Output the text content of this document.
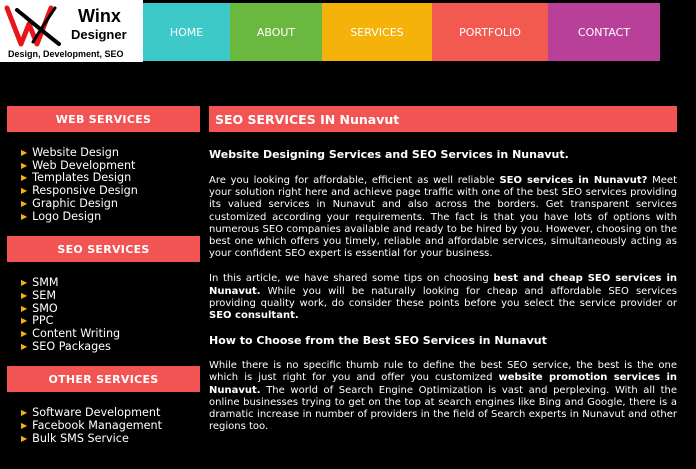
Winx
Designer
Design, Development, SEO
HOME	ABOUT	SERVICES	PORTFOLIO	CONTACT
WEB SERVICES
▶ Website Design
▶ Web Development
▶ Templates Design
▶ Responsive Design
▶ Graphic Design
▶ Logo Design
SEO SERVICES
▶ SMM
▶ SEM
▶ SMO
▶ PPC
▶ Content Writing
▶ SEO Packages
OTHER SERVICES
▶ Software Development
▶ Facebook Management
▶ Bulk SMS Service
SEO SERVICES IN Nunavut
Website Designing Services and SEO Services in Nunavut.

Are you looking for affordable, efficient as well reliable SEO services in Nunavut? Meet your solution right here and achieve page traffic with one of the best SEO services providing its valued services in Nunavut and also across the borders. Get transparent services customized according your requirements. The fact is that you have lots of options with numerous SEO companies available and ready to be hired by you. However, choosing on the best one which offers you timely, reliable and affordable services, simultaneously acting as your confident SEO expert is essential for your business.

In this article, we have shared some tips on choosing best and cheap SEO services in Nunavut. While you will be naturally looking for cheap and affordable SEO services providing quality work, do consider these points before you select the service provider or SEO consultant.

How to Choose from the Best SEO Services in Nunavut

While there is no specific thumb rule to define the best SEO service, the best is the one which is just right for you and offer you customized website promotion services in Nunavut. The world of Search Engine Optimization is vast and perplexing. With all the online businesses trying to get on the top at search engines like Bing and Google, there is a dramatic increase in number of providers in the field of Search experts in Nunavut and other regions too.
